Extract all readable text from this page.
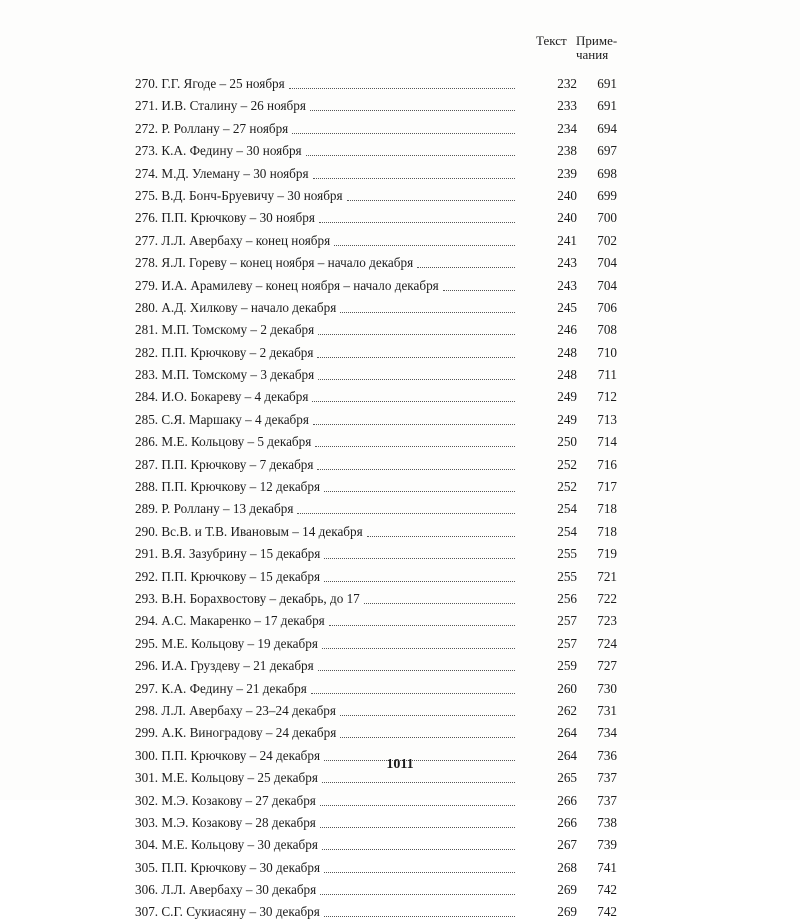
Текст Приме-
чания
270. Г.Г. Ягоде – 25 ноября	232	691
271. И.В. Сталину – 26 ноября	233	691
272. Р. Роллану – 27 ноября	234	694
273. К.А. Федину – 30 ноября	238	697
274. М.Д. Улеману – 30 ноября	239	698
275. В.Д. Бонч-Бруевичу – 30 ноября	240	699
276. П.П. Крючкову – 30 ноября	240	700
277. Л.Л. Авербаху – конец ноября	241	702
278. Я.Л. Гореву – конец ноября – начало декабря	243	704
279. И.А. Арамилеву – конец ноября – начало декабря	243	704
280. А.Д. Хилкову – начало декабря	245	706
281. М.П. Томскому – 2 декабря	246	708
282. П.П. Крючкову – 2 декабря	248	710
283. М.П. Томскому – 3 декабря	248	711
284. И.О. Бокареву – 4 декабря	249	712
285. С.Я. Маршаку – 4 декабря	249	713
286. М.Е. Кольцову – 5 декабря	250	714
287. П.П. Крючкову – 7 декабря	252	716
288. П.П. Крючкову – 12 декабря	252	717
289. Р. Роллану – 13 декабря	254	718
290. Вс.В. и Т.В. Ивановым – 14 декабря	254	718
291. В.Я. Зазубрину – 15 декабря	255	719
292. П.П. Крючкову – 15 декабря	255	721
293. В.Н. Борахвостову – декабрь, до 17	256	722
294. А.С. Макаренко – 17 декабря	257	723
295. М.Е. Кольцову – 19 декабря	257	724
296. И.А. Груздеву – 21 декабря	259	727
297. К.А. Федину – 21 декабря	260	730
298. Л.Л. Авербаху – 23–24 декабря	262	731
299. А.К. Виноградову – 24 декабря	264	734
300. П.П. Крючкову – 24 декабря	264	736
301. М.Е. Кольцову – 25 декабря	265	737
302. М.Э. Козакову – 27 декабря	266	737
303. М.Э. Козакову – 28 декабря	266	738
304. М.Е. Кольцову – 30 декабря	267	739
305. П.П. Крючкову – 30 декабря	268	741
306. Л.Л. Авербаху – 30 декабря	269	742
307. С.Г. Сукиасяну – 30 декабря	269	742
1011
